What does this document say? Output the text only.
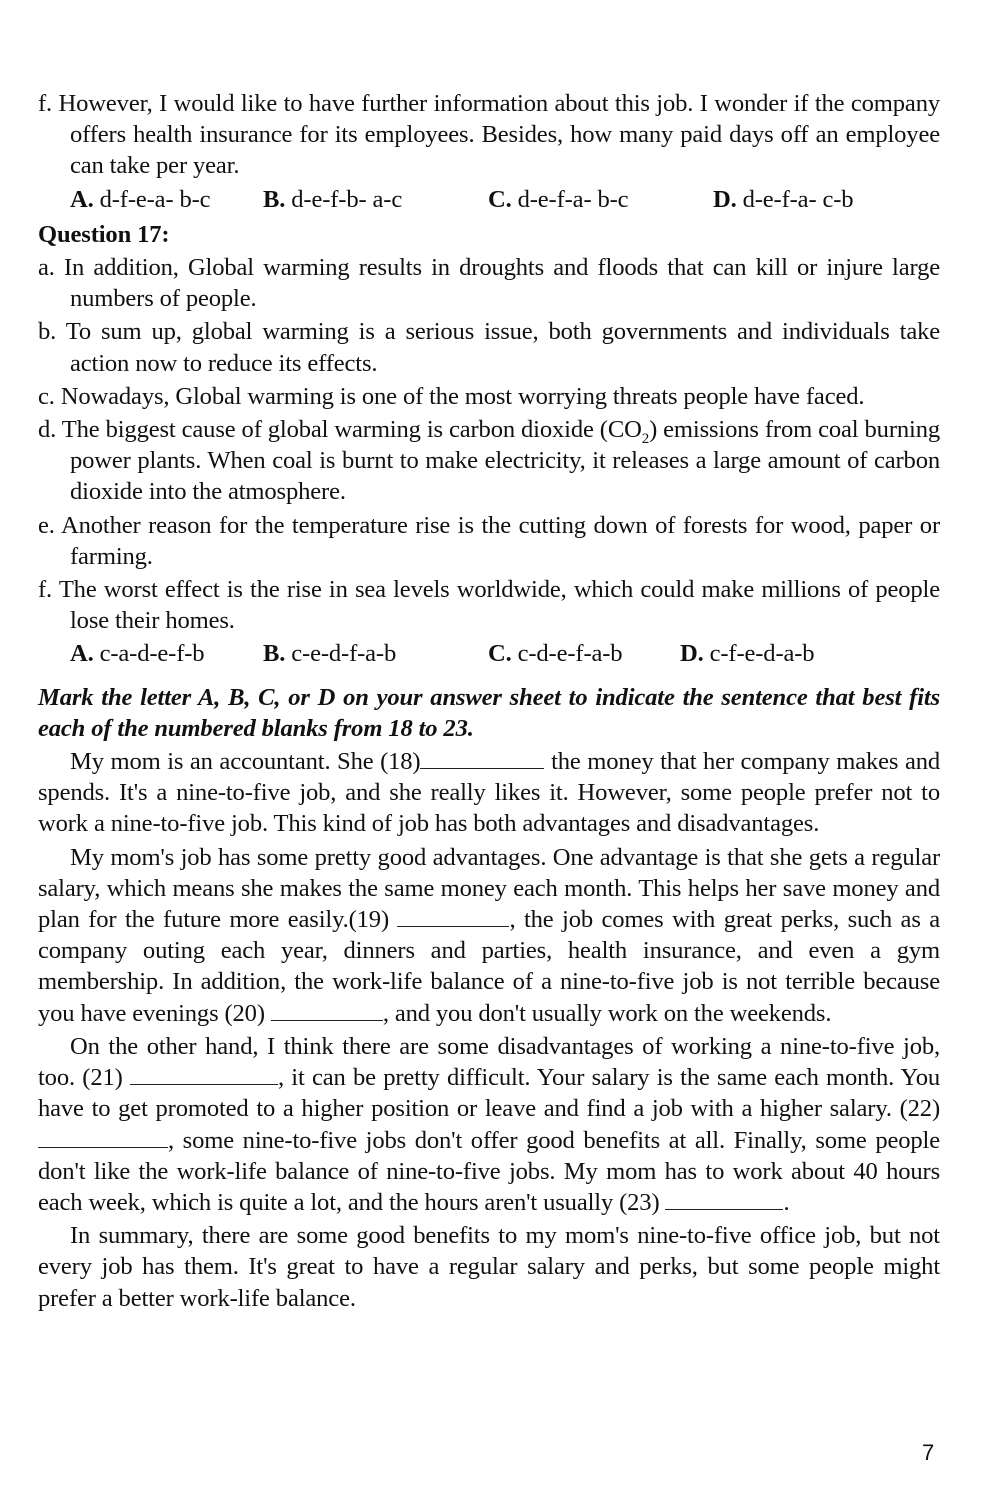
f. However, I would like to have further information about this job. I wonder if the company offers health insurance for its employees. Besides, how many paid days off an employee can take per year.

A. d-f-e-a- b-c	B. d-e-f-b- a-c	C. d-e-f-a- b-c	D. d-e-f-a- c-b
Question 17:

a. In addition, Global warming results in droughts and floods that can kill or injure large numbers of people.

b. To sum up, global warming is a serious issue, both governments and individuals take action now to reduce its effects.

c. Nowadays, Global warming is one of the most worrying threats people have faced.

d. The biggest cause of global warming is carbon dioxide $(CO_2)$ emissions from coal burning power plants. When coal is burnt to make electricity, it releases a large amount of carbon dioxide into the atmosphere.

e. Another reason for the temperature rise is the cutting down of forests for wood, paper or farming.

f. The worst effect is the rise in sea levels worldwide, which could make millions of people lose their homes.

A. c-a-d-e-f-b	B. c-e-d-f-a-b	C. c-d-e-f-a-b	D. c-f-e-d-a-b

Mark the letter A, B, C, or D on your answer sheet to indicate the sentence that best fits each of the numbered blanks from 18 to 23.

My mom is an accountant. She (18)	the money that her company makes and spends. It's a nine-to-five job, and she really likes it. However, some people prefer not to work a nine-to-five job. This kind of job has both advantages and disadvantages.

My mom's job has some pretty good advantages. One advantage is that she gets a regular salary, which means she makes the same money each month. This helps her save money and plan for the future more easily.(19)	, the job comes with great perks, such as a company outing each year, dinners and parties, health insurance, and even a gym membership. In addition, the work-life balance of a nine-to-five job is not terrible because you have evenings (20)	, and you don't usually work on the weekends.

On the other hand, I think there are some disadvantages of working a nine-to-five job, too. (21)	, it can be pretty difficult. Your salary is the same each month. You have to get promoted to a higher position or leave and find a job with a higher salary. (22) , some nine-to-five jobs don't offer good benefits at all. Finally, some people don't like the work-life balance of nine-to-five jobs. My mom has to work about 40 hours each week, which is quite a lot, and the hours aren't usually (23)	.

In summary, there are some good benefits to my mom's nine-to-five office job, but not every job has them. It's great to have a regular salary and perks, but some people might prefer a better work-life balance.

7
